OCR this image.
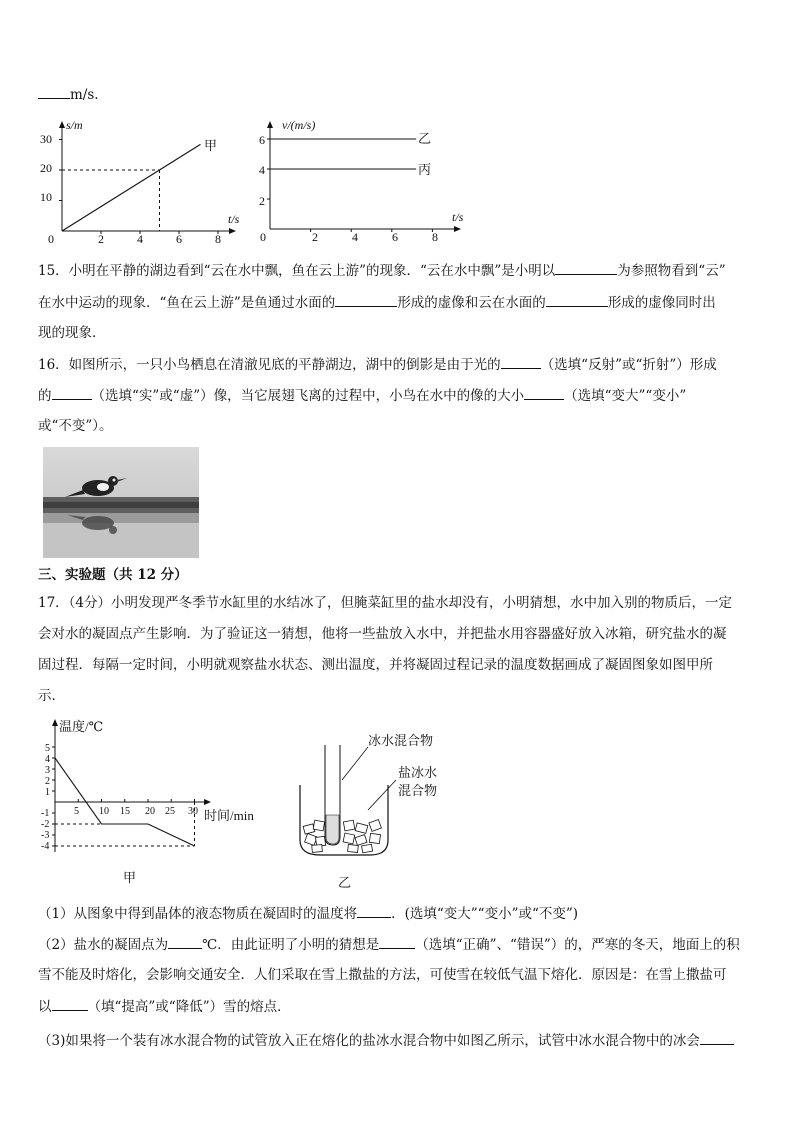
m/s.
s/m
t/s
甲
10
20
30
0	2	4	6	8
v/(m/s)
t/s
乙
丙
2
4
6
0	2	4	6	8
15．小明在平静的湖边看到“云在水中飘，鱼在云上游”的现象．“云在水中飘”是小明以	为参照物看到“云”
在水中运动的现象．“鱼在云上游”是鱼通过水面的	形成的虚像和云在水面的	形成的虚像同时出
现的现象．
16．如图所示，一只小鸟栖息在清澈见底的平静湖边，湖中的倒影是由于光的	（选填“反射”或“折射”）形成
的	（选填“实”或“虚”）像，当它展翅飞离的过程中，小鸟在水中的像的大小	（选填“变大”“变小”
或“不变”）。
三、实验题（共 12 分）
17．（4分）小明发现严冬季节水缸里的水结冰了，但腌菜缸里的盐水却没有，小明猜想，水中加入别的物质后，一定
会对水的凝固点产生影响．为了验证这一猜想，他将一些盐放入水中，并把盐水用容器盛好放入冰箱，研究盐水的凝
固过程．每隔一定时间，小明就观察盐水状态、测出温度，并将凝固过程记录的温度数据画成了凝固图象如图甲所
示．
温度/℃
时间/min
甲
5
4
3
2
1
-1
-2
-3
-4
5 10 15 20 25 30
冰水混合物
盐冰水
混合物
乙
（1）从图象中得到晶体的液态物质在凝固时的温度将	．(选填“变大”“变小”或“不变”)
（2）盐水的凝固点为	℃．由此证明了小明的猜想是	（选填“正确”、“错误”）的，严寒的冬天，地面上的积
雪不能及时熔化，会影响交通安全．人们采取在雪上撒盐的方法，可使雪在较低气温下熔化．原因是：在雪上撒盐可
以	（填“提高”或“降低”）雪的熔点．
（3)如果将一个装有冰水混合物的试管放入正在熔化的盐冰水混合物中如图乙所示，试管中冰水混合物中的冰会
